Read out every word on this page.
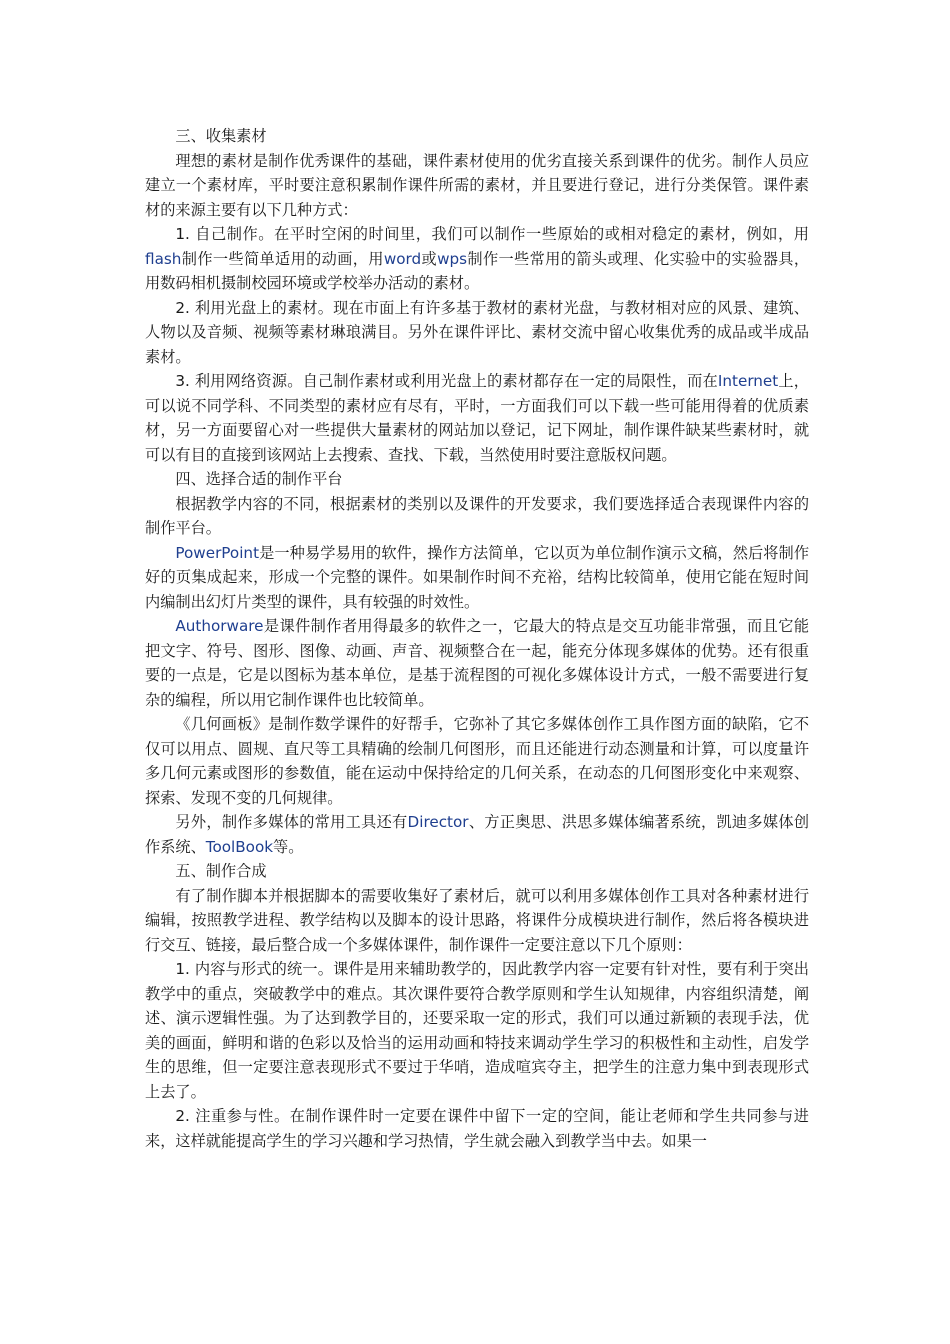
三、收集素材

理想的素材是制作优秀课件的基础，课件素材使用的优劣直接关系到课件的优劣。制作人员应建立一个素材库，平时要注意积累制作课件所需的素材，并且要进行登记，进行分类保管。课件素材的来源主要有以下几种方式：

1. 自己制作。在平时空闲的时间里，我们可以制作一些原始的或相对稳定的素材，例如，用flash制作一些简单适用的动画，用word或wps制作一些常用的箭头或理、化实验中的实验器具，用数码相机摄制校园环境或学校举办活动的素材。

2. 利用光盘上的素材。现在市面上有许多基于教材的素材光盘，与教材相对应的风景、建筑、人物以及音频、视频等素材琳琅满目。另外在课件评比、素材交流中留心收集优秀的成品或半成品素材。

3. 利用网络资源。自己制作素材或利用光盘上的素材都存在一定的局限性，而在Internet上，可以说不同学科、不同类型的素材应有尽有，平时，一方面我们可以下载一些可能用得着的优质素材，另一方面要留心对一些提供大量素材的网站加以登记，记下网址，制作课件缺某些素材时，就可以有目的直接到该网站上去搜索、查找、下载，当然使用时要注意版权问题。

四、选择合适的制作平台

根据教学内容的不同，根据素材的类别以及课件的开发要求，我们要选择适合表现课件内容的制作平台。

PowerPoint是一种易学易用的软件，操作方法简单，它以页为单位制作演示文稿，然后将制作好的页集成起来，形成一个完整的课件。如果制作时间不充裕，结构比较简单，使用它能在短时间内编制出幻灯片类型的课件，具有较强的时效性。

Authorware是课件制作者用得最多的软件之一，它最大的特点是交互功能非常强，而且它能把文字、符号、图形、图像、动画、声音、视频整合在一起，能充分体现多媒体的优势。还有很重要的一点是，它是以图标为基本单位，是基于流程图的可视化多媒体设计方式，一般不需要进行复杂的编程，所以用它制作课件也比较简单。

《几何画板》是制作数学课件的好帮手，它弥补了其它多媒体创作工具作图方面的缺陷，它不仅可以用点、圆规、直尺等工具精确的绘制几何图形，而且还能进行动态测量和计算，可以度量许多几何元素或图形的参数值，能在运动中保持给定的几何关系，在动态的几何图形变化中来观察、探索、发现不变的几何规律。

另外，制作多媒体的常用工具还有Director、方正奥思、洪思多媒体编著系统，凯迪多媒体创作系统、ToolBook等。

五、制作合成

有了制作脚本并根据脚本的需要收集好了素材后，就可以利用多媒体创作工具对各种素材进行编辑，按照教学进程、教学结构以及脚本的设计思路，将课件分成模块进行制作，然后将各模块进行交互、链接，最后整合成一个多媒体课件，制作课件一定要注意以下几个原则：

1. 内容与形式的统一。课件是用来辅助教学的，因此教学内容一定要有针对性，要有利于突出教学中的重点，突破教学中的难点。其次课件要符合教学原则和学生认知规律，内容组织清楚，阐述、演示逻辑性强。为了达到教学目的，还要采取一定的形式，我们可以通过新颖的表现手法，优美的画面，鲜明和谐的色彩以及恰当的运用动画和特技来调动学生学习的积极性和主动性，启发学生的思维，但一定要注意表现形式不要过于华哨，造成喧宾夺主，把学生的注意力集中到表现形式上去了。

2. 注重参与性。在制作课件时一定要在课件中留下一定的空间，能让老师和学生共同参与进来，这样就能提高学生的学习兴趣和学习热情，学生就会融入到教学当中去。如果一
